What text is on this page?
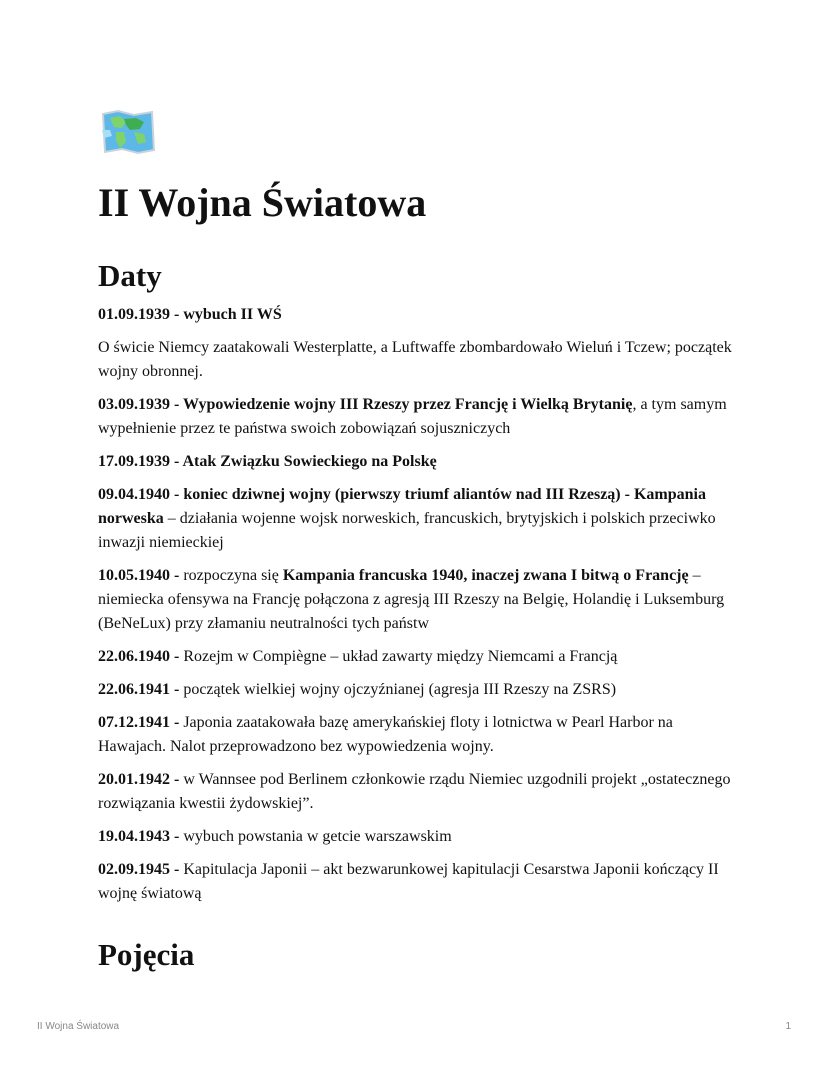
II Wojna Światowa
Daty

01.09.1939 - wybuch II WŚ

O świcie Niemcy zaatakowali Westerplatte, a Luftwaffe zbombardowało Wieluń i Tczew; początek wojny obronnej.

03.09.1939 - Wypowiedzenie wojny III Rzeszy przez Francję i Wielką Brytanię, a tym samym wypełnienie przez te państwa swoich zobowiązań sojuszniczych

17.09.1939 - Atak Związku Sowieckiego na Polskę

09.04.1940 - koniec dziwnej wojny (pierwszy triumf aliantów nad III Rzeszą) - Kampania norweska – działania wojenne wojsk norweskich, francuskich, brytyjskich i polskich przeciwko inwazji niemieckiej

10.05.1940 - rozpoczyna się Kampania francuska 1940, inaczej zwana I bitwą o Francję – niemiecka ofensywa na Francję połączona z agresją III Rzeszy na Belgię, Holandię i Luksemburg (BeNeLux) przy złamaniu neutralności tych państw

22.06.1940 - Rozejm w Compiègne – układ zawarty między Niemcami a Francją

22.06.1941 - początek wielkiej wojny ojczyźnianej (agresja III Rzeszy na ZSRS)

07.12.1941 - Japonia zaatakowała bazę amerykańskiej floty i lotnictwa w Pearl Harbor na Hawajach. Nalot przeprowadzono bez wypowiedzenia wojny.

20.01.1942 - w Wannsee pod Berlinem członkowie rządu Niemiec uzgodnili projekt „ostatecznego rozwiązania kwestii żydowskiej”.

19.04.1943 - wybuch powstania w getcie warszawskim

02.09.1945 - Kapitulacja Japonii – akt bezwarunkowej kapitulacji Cesarstwa Japonii kończący II wojnę światową

Pojęcia
II Wojna Światowa	1
